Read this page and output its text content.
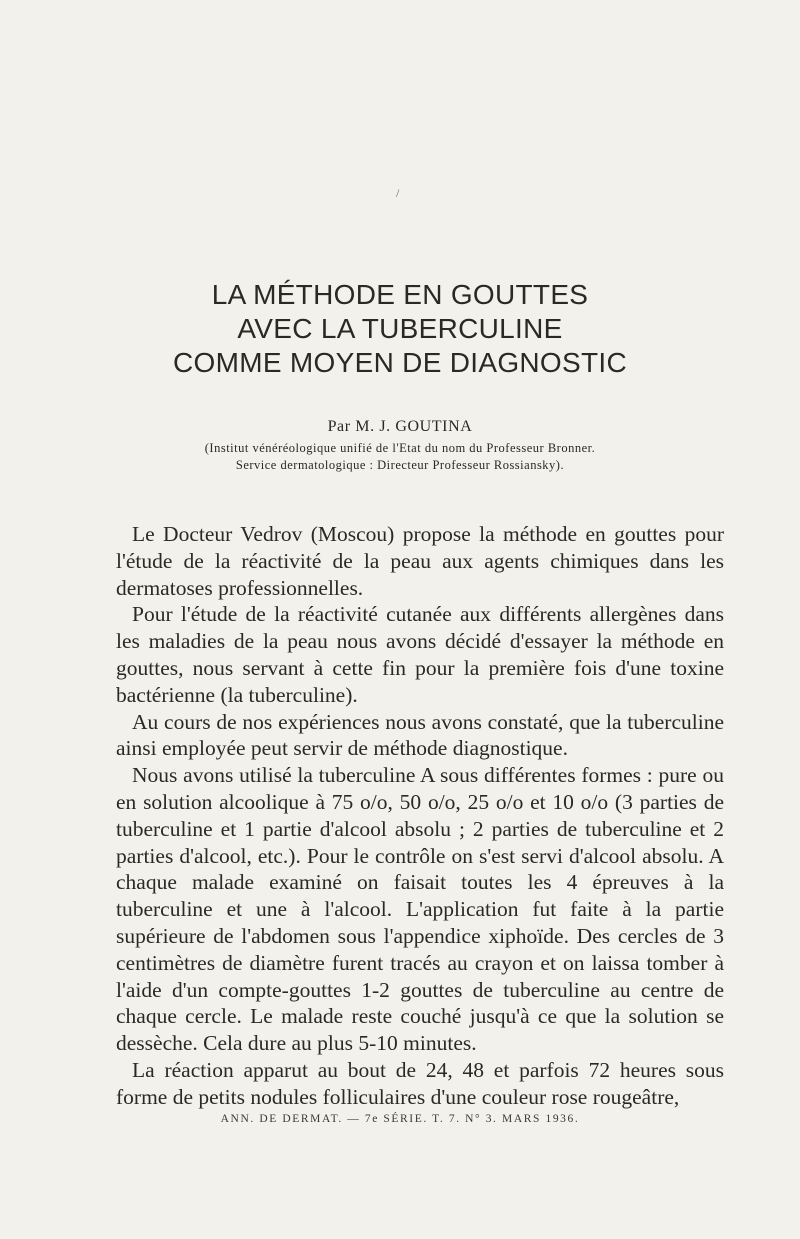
/
LA MÉTHODE EN GOUTTES
AVEC LA TUBERCULINE
COMME MOYEN DE DIAGNOSTIC
Par M. J. GOUTINA
(Institut vénéréologique unifié de l'Etat du nom du Professeur Bronner.
Service dermatologique : Directeur Professeur Rossiansky).

Le Docteur Vedrov (Moscou) propose la méthode en gouttes pour l'étude de la réactivité de la peau aux agents chimiques dans les dermatoses professionnelles.

Pour l'étude de la réactivité cutanée aux différents allergènes dans les maladies de la peau nous avons décidé d'essayer la méthode en gouttes, nous servant à cette fin pour la première fois d'une toxine bactérienne (la tuberculine).

Au cours de nos expériences nous avons constaté, que la tuberculine ainsi employée peut servir de méthode diagnostique.

Nous avons utilisé la tuberculine A sous différentes formes : pure ou en solution alcoolique à 75 o/o, 50 o/o, 25 o/o et 10 o/o (3 parties de tuberculine et 1 partie d'alcool absolu ; 2 parties de tuberculine et 2 parties d'alcool, etc.). Pour le contrôle on s'est servi d'alcool absolu. A chaque malade examiné on faisait toutes les 4 épreuves à la tuberculine et une à l'alcool. L'application fut faite à la partie supérieure de l'abdomen sous l'appendice xiphoïde. Des cercles de 3 centimètres de diamètre furent tracés au crayon et on laissa tomber à l'aide d'un compte-gouttes 1-2 gouttes de tuberculine au centre de chaque cercle. Le malade reste couché jusqu'à ce que la solution se dessèche. Cela dure au plus 5-10 minutes.

La réaction apparut au bout de 24, 48 et parfois 72 heures sous forme de petits nodules folliculaires d'une couleur rose rougeâtre,

ANN. DE DERMAT. — 7e SÉRIE. T. 7. N° 3. MARS 1936.
